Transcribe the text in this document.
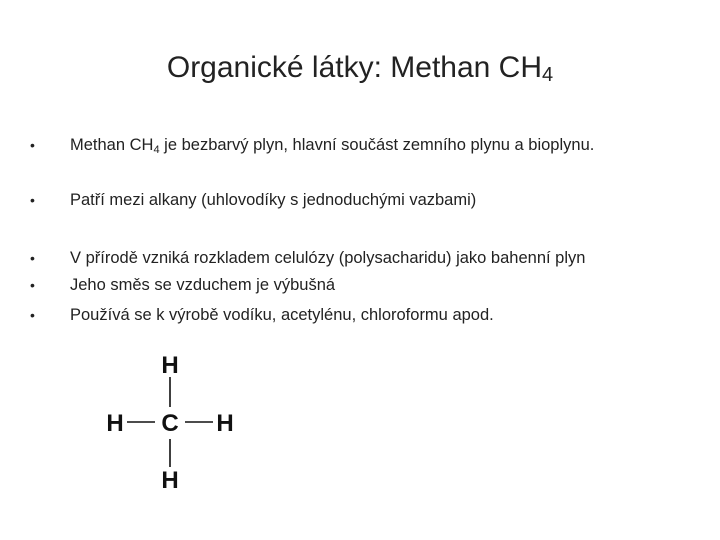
Organické látky: Methan $CH_4$
• Methan $CH_4$ je bezbarvý plyn, hlavní součást zemního plynu a bioplynu.
• Patří mezi alkany (uhlovodíky s jednoduchými vazbami)
• V přírodě vzniká rozkladem celulózy (polysacharidu) jako bahenní plyn
• Jeho směs se vzduchem je výbušná
• Používá se k výrobě vodíku, acetylénu, chloroformu apod.
H
H C H
H
